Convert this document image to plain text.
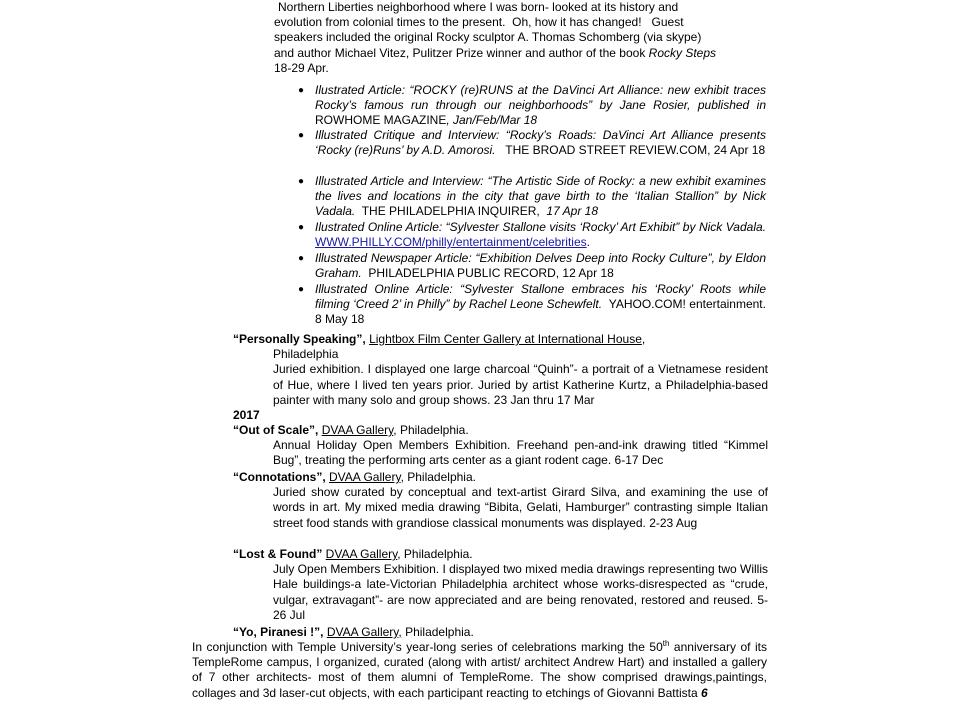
Northern Liberties neighborhood where I was born- looked at its history and
evolution from colonial times to the present.  Oh, how it has changed!   Guest
speakers included the original Rocky sculptor A. Thomas Schomberg (via skype)
and author Michael Vitez, Pulitzer Prize winner and author of the book Rocky Steps
18-29 Apr.
● Ilustrated Article: “ROCKY (re)RUNS at the DaVinci Art Alliance: new exhibit traces Rocky’s famous run through our neighborhoods” by Jane Rosier, published in ROWHOME MAGAZINE, Jan/Feb/Mar 18
● Illustrated Critique and Interview: “Rocky’s Roads: DaVinci Art Alliance presents ‘Rocky (re)Runs’ by A.D. Amorosi.   THE BROAD STREET REVIEW.COM, 24 Apr 18
● Illustrated Article and Interview: “The Artistic Side of Rocky: a new exhibit examines the lives and locations in the city that gave birth to the ‘Italian Stallion” by Nick Vadala.  THE PHILADELPHIA INQUIRER,  17 Apr 18
● Ilustrated Online Article: “Sylvester Stallone visits ‘Rocky’ Art Exhibit” by Nick Vadala.  WWW.PHILLY.COM/philly/entertainment/celebrities.
● Illustrated Newspaper Article: “Exhibition Delves Deep into Rocky Culture”, by Eldon Graham.  PHILADELPHIA PUBLIC RECORD, 12 Apr 18
● Illustrated Online Article: “Sylvester Stallone embraces his ‘Rocky’ Roots while filming ‘Creed 2’ in Philly” by Rachel Leone Schewfelt.  YAHOO.COM! entertainment.  8 May 18
“Personally Speaking”, Lightbox Film Center Gallery at International House,
Philadelphia
Juried exhibition. I displayed one large charcoal “Quinh”- a portrait of a Vietnamese resident of Hue, where I lived ten years prior. Juried by artist Katherine Kurtz, a Philadelphia-based painter with many solo and group shows. 23 Jan thru 17 Mar
2017
“Out of Scale”, DVAA Gallery, Philadelphia.
Annual Holiday Open Members Exhibition. Freehand pen-and-ink drawing titled “Kimmel Bug”, treating the performing arts center as a giant rodent cage. 6-17 Dec
“Connotations”, DVAA Gallery, Philadelphia.
Juried show curated by conceptual and text-artist Girard Silva, and examining the use of words in art. My mixed media drawing “Bibita, Gelati, Hamburger” contrasting simple Italian street food stands with grandiose classical monuments was displayed. 2-23 Aug
“Lost & Found” DVAA Gallery, Philadelphia.
July Open Members Exhibition. I displayed two mixed media drawings representing two Willis Hale buildings-a late-Victorian Philadelphia architect whose works-disrespected as “crude, vulgar, extravagant”- are now appreciated and are being renovated, restored and reused. 5-26 Jul
“Yo, Piranesi !”, DVAA Gallery, Philadelphia.
In conjunction with Temple University’s year-long series of celebrations marking the 50th anniversary of its TempleRome campus, I organized, curated (along with artist/ architect Andrew Hart) and installed a gallery of 7 other architects- most of them alumni of TempleRome. The show comprised drawings,paintings, collages and 3d laser-cut objects, with each participant reacting to etchings of Giovanni Battista 6
